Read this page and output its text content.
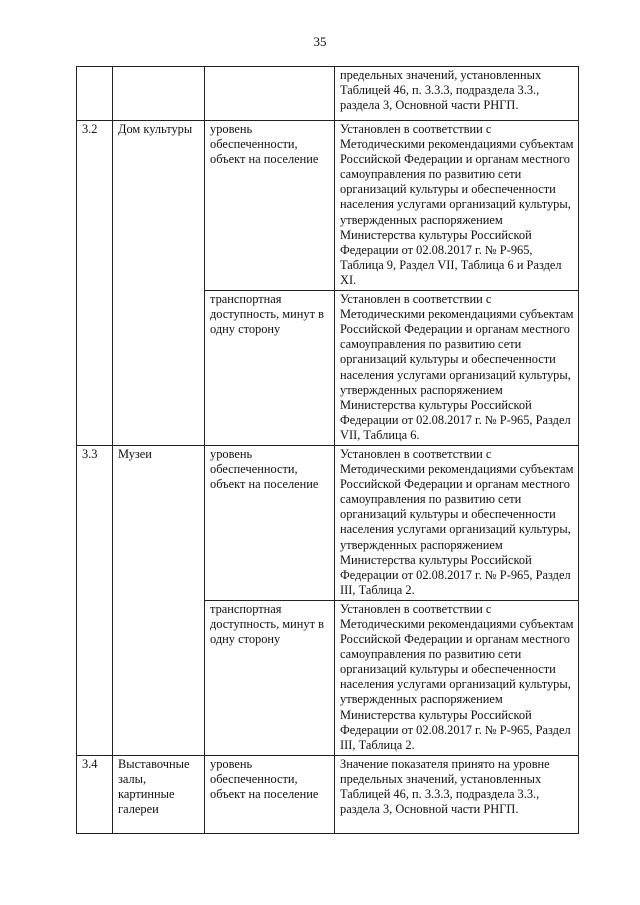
35
			предельных значений, установленных Таблицей 46, п. 3.3.3, подраздела 3.3., раздела 3, Основной части РНГП.
3.2	Дом культуры	уровень обеспеченности, объект на поселение	Установлен в соответствии с Методическими рекомендациями субъектам Российской Федерации и органам местного самоуправления по развитию сети организаций культуры и обеспеченности населения услугами организаций культуры, утвержденных распоряжением Министерства культуры Российской Федерации от 02.08.2017 г. № Р-965, Таблица 9, Раздел VII, Таблица 6 и Раздел XI.
		транспортная доступность, минут в одну сторону	Установлен в соответствии с Методическими рекомендациями субъектам Российской Федерации и органам местного самоуправления по развитию сети организаций культуры и обеспеченности населения услугами организаций культуры, утвержденных распоряжением Министерства культуры Российской Федерации от 02.08.2017 г. № Р-965, Раздел VII, Таблица 6.
3.3	Музеи	уровень обеспеченности, объект на поселение	Установлен в соответствии с Методическими рекомендациями субъектам Российской Федерации и органам местного самоуправления по развитию сети организаций культуры и обеспеченности населения услугами организаций культуры, утвержденных распоряжением Министерства культуры Российской Федерации от 02.08.2017 г. № Р-965, Раздел III, Таблица 2.
		транспортная доступность, минут в одну сторону	Установлен в соответствии с Методическими рекомендациями субъектам Российской Федерации и органам местного самоуправления по развитию сети организаций культуры и обеспеченности населения услугами организаций культуры, утвержденных распоряжением Министерства культуры Российской Федерации от 02.08.2017 г. № Р-965, Раздел III, Таблица 2.
3.4	Выставочные залы, картинные галереи	уровень обеспеченности, объект на поселение	Значение показателя принято на уровне предельных значений, установленных Таблицей 46, п. 3.3.3, подраздела 3.3., раздела 3, Основной части РНГП.
